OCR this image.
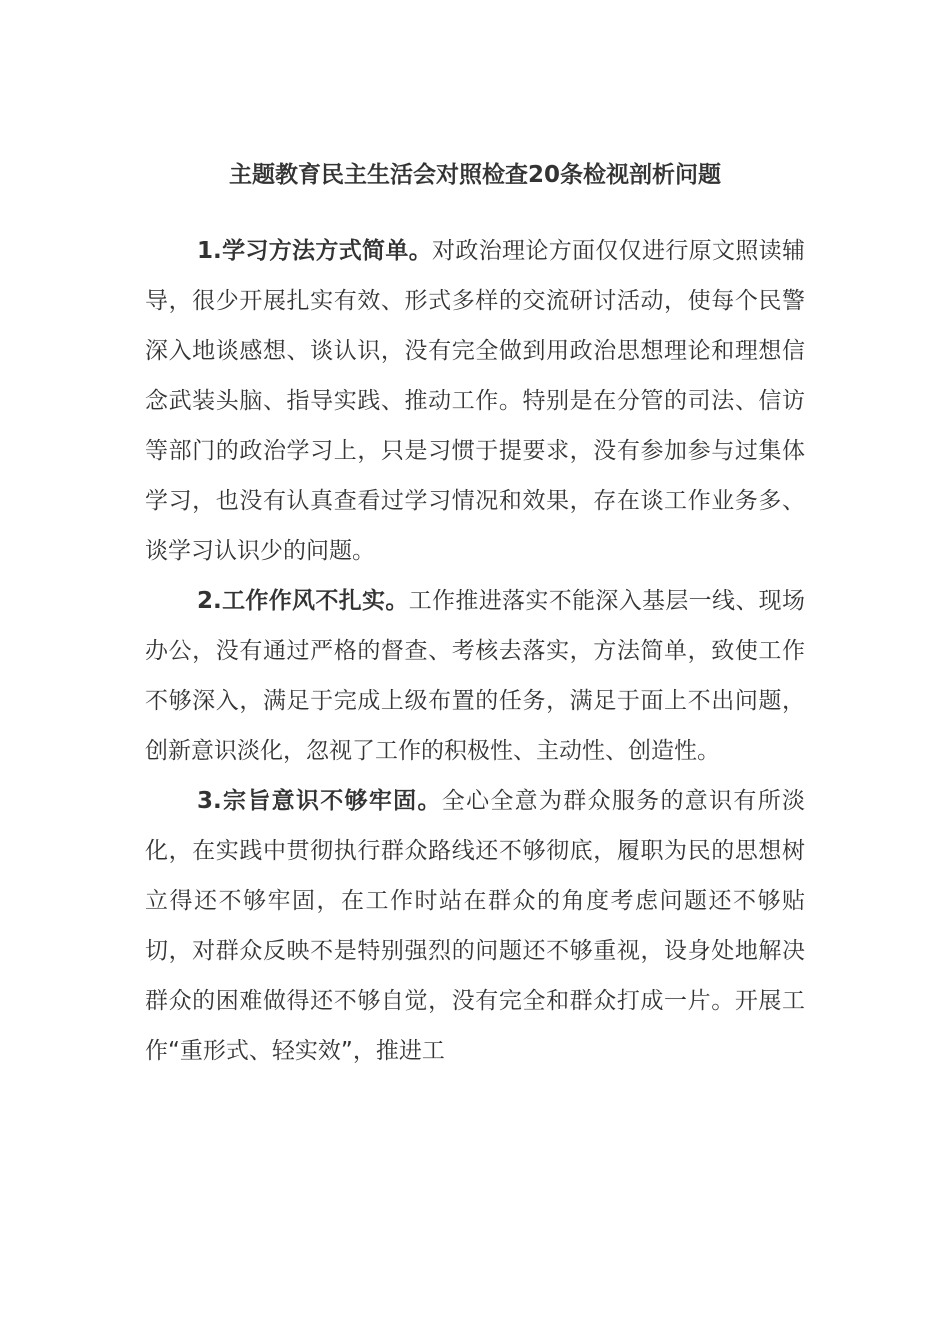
主题教育民主生活会对照检查20条检视剖析问题

1.学习方法方式简单。对政治理论方面仅仅进行原文照读辅导，很少开展扎实有效、形式多样的交流研讨活动，使每个民警深入地谈感想、谈认识，没有完全做到用政治思想理论和理想信念武装头脑、指导实践、推动工作。特别是在分管的司法、信访等部门的政治学习上，只是习惯于提要求，没有参加参与过集体学习，也没有认真查看过学习情况和效果，存在谈工作业务多、谈学习认识少的问题。

2.工作作风不扎实。工作推进落实不能深入基层一线、现场办公，没有通过严格的督查、考核去落实，方法简单，致使工作不够深入，满足于完成上级布置的任务，满足于面上不出问题，创新意识淡化，忽视了工作的积极性、主动性、创造性。

3.宗旨意识不够牢固。全心全意为群众服务的意识有所淡化，在实践中贯彻执行群众路线还不够彻底，履职为民的思想树立得还不够牢固，在工作时站在群众的角度考虑问题还不够贴切，对群众反映不是特别强烈的问题还不够重视，设身处地解决群众的困难做得还不够自觉，没有完全和群众打成一片。开展工作“重形式、轻实效”，推进工
